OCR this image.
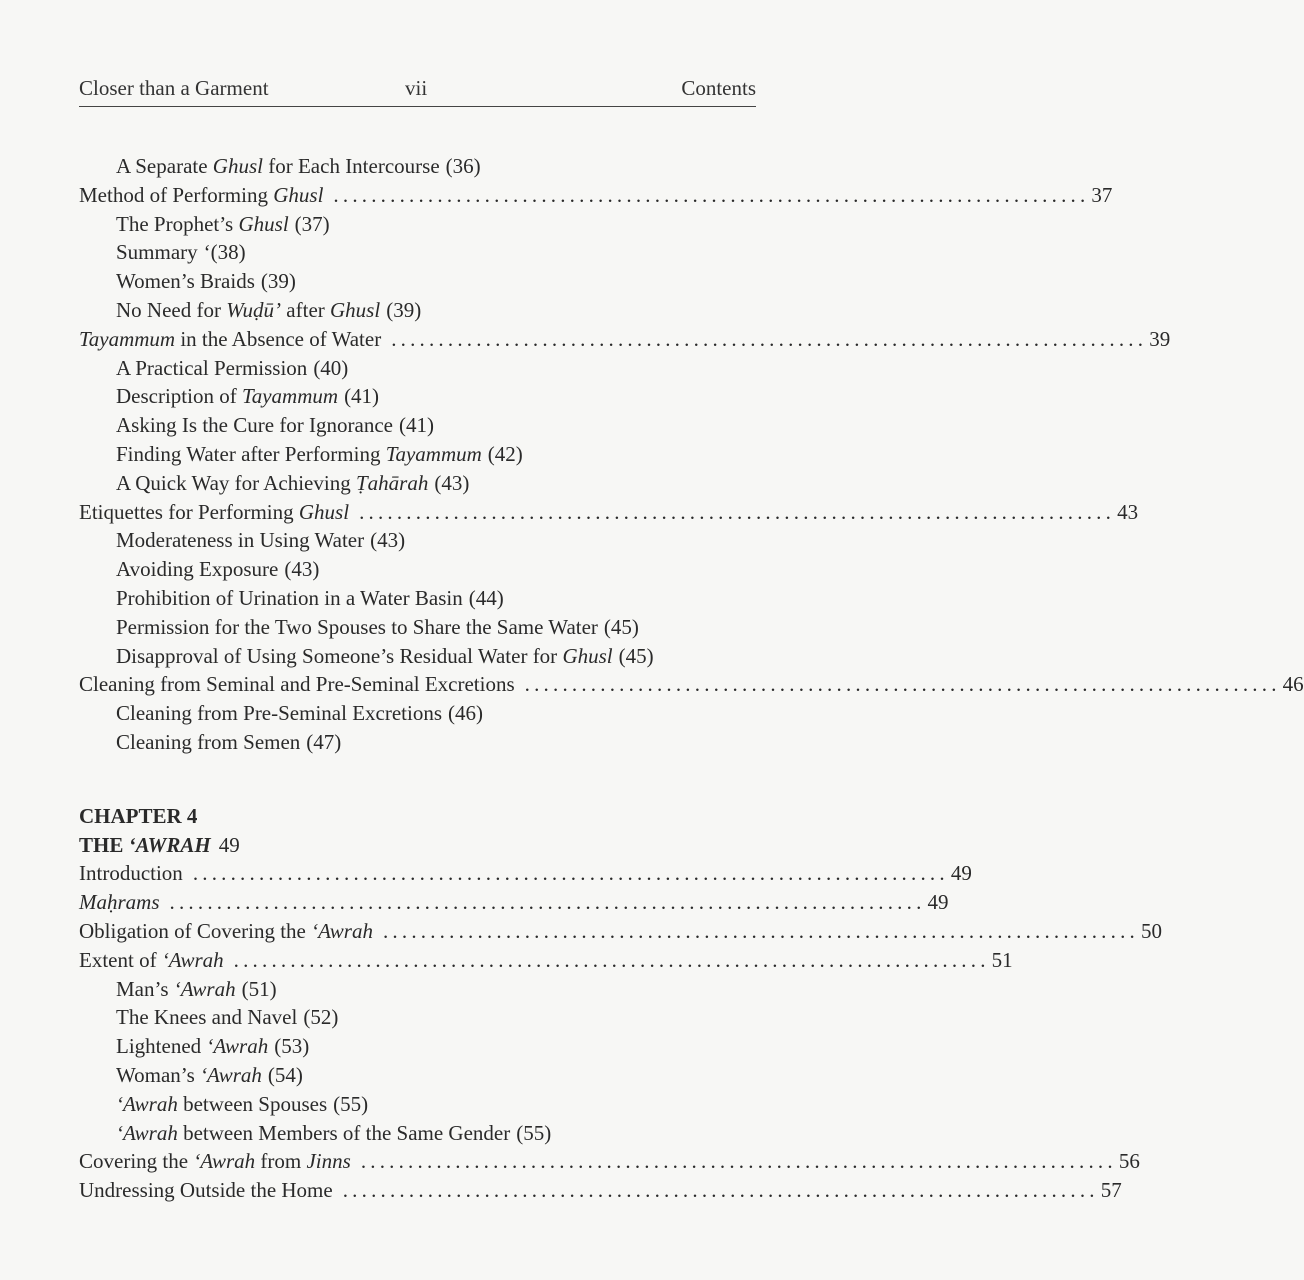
Closer than a Garment	vii	Contents
A Separate Ghusl for Each Intercourse (36)
Method of Performing Ghusl ................................................................................ 37
The Prophet’s Ghusl (37)
Summary ‘(38)
Women’s Braids (39)
No Need for Wuḍū’ after Ghusl (39)
Tayammum in the Absence of Water ................................................................................ 39
A Practical Permission (40)
Description of Tayammum (41)
Asking Is the Cure for Ignorance (41)
Finding Water after Performing Tayammum (42)
A Quick Way for Achieving Ṭahārah (43)
Etiquettes for Performing Ghusl ................................................................................ 43
Moderateness in Using Water (43)
Avoiding Exposure (43)
Prohibition of Urination in a Water Basin (44)
Permission for the Two Spouses to Share the Same Water (45)
Disapproval of Using Someone’s Residual Water for Ghusl (45)
Cleaning from Seminal and Pre-Seminal Excretions ................................................................................ 46
Cleaning from Pre-Seminal Excretions (46)
Cleaning from Semen (47)
CHAPTER 4
THE ‘AWRAH 49
Introduction ................................................................................ 49
Maḥrams ................................................................................ 49
Obligation of Covering the ‘Awrah ................................................................................ 50
Extent of ‘Awrah ................................................................................ 51
Man’s ‘Awrah (51)
The Knees and Navel (52)
Lightened ‘Awrah (53)
Woman’s ‘Awrah (54)
‘Awrah between Spouses (55)
‘Awrah between Members of the Same Gender (55)
Covering the ‘Awrah from Jinns ................................................................................ 56
Undressing Outside the Home ................................................................................ 57
